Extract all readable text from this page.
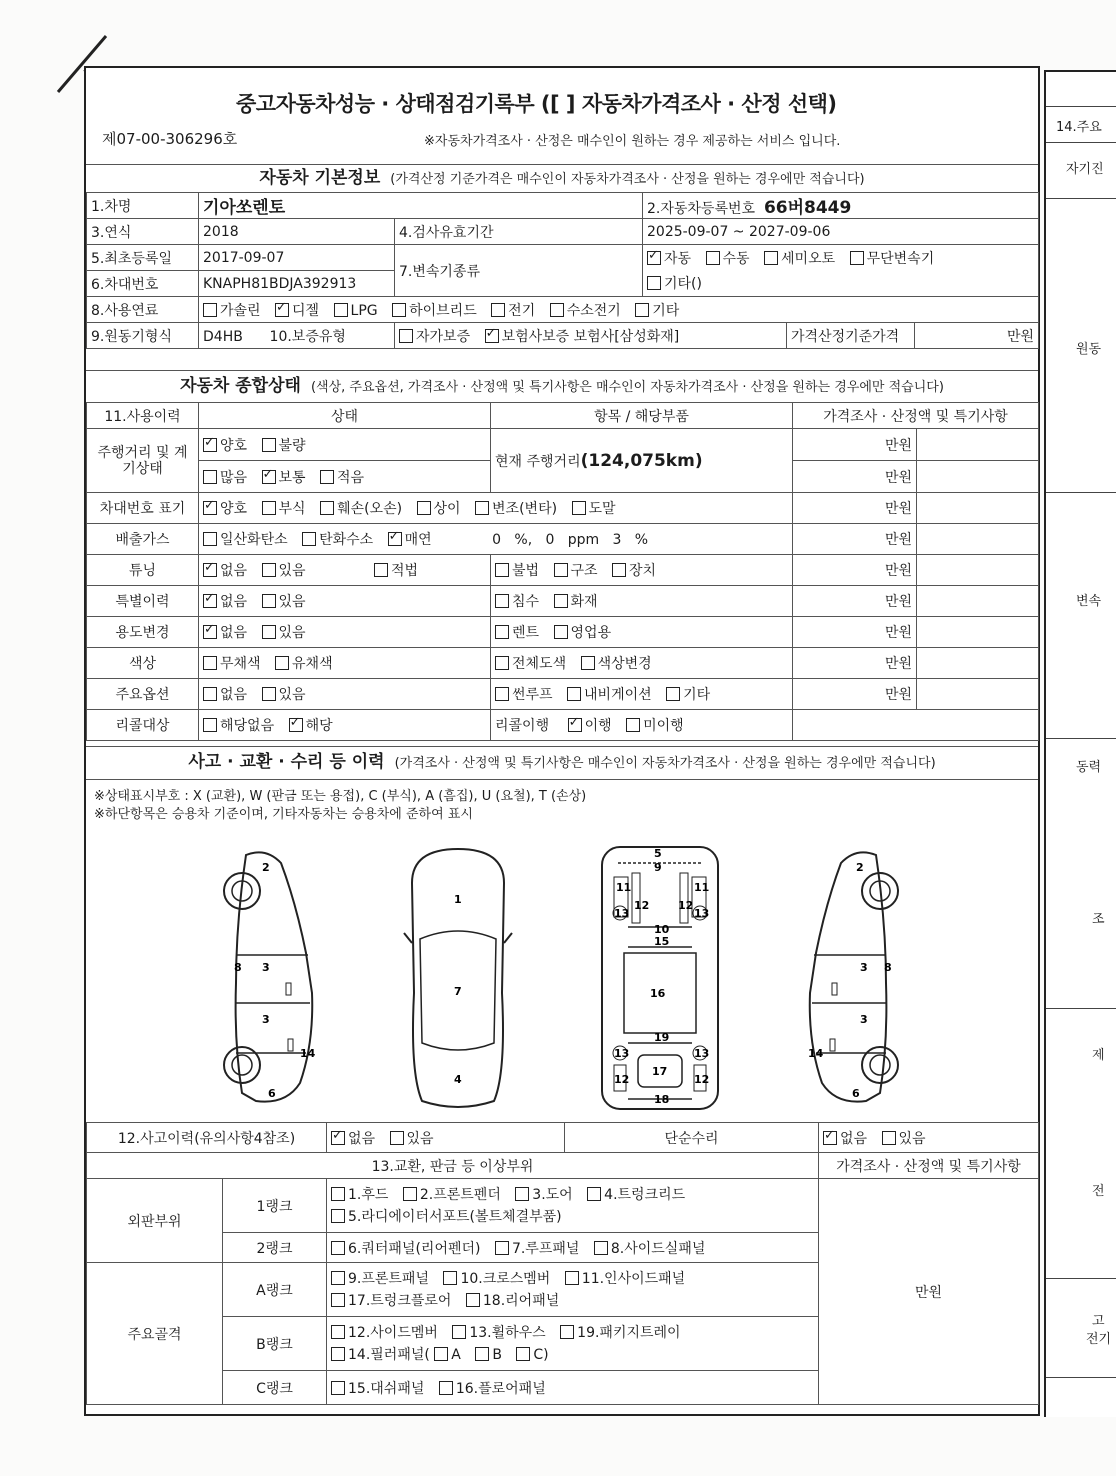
14.주요
자기진
원동
변속
동력
조
제
전
고
전기
중고자동차성능 · 상태점검기록부 ([ ] 자동차가격조사 · 산정 선택)
제07-00-306296호	※자동차가격조사 · 산정은 매수인이 원하는 경우 제공하는 서비스 입니다.
자동차 기본정보 (가격산정 기준가격은 매수인이 자동차가격조사 · 산정을 원하는 경우에만 적습니다)
1.차명	기아쏘렌토		2.자동차등록번호 66버8449		
3.연식	2018	4.검사유효기간	2025-09-07 ~ 2027-09-06		
5.최초등록일	2017-09-07	7.변속기종류	✓자동 수동 세미오토 무단변속기
6.차대번호	KNAPH81BDJA392913		기타()		
8.사용연료	가솔린 ✓ 디젤 LPG 하이브리드 전기 수소전기 기타
9.원동기형식	D4HB 10.보증유형	자가보증 ✓ 보험사보증 보험사[삼성화재]		가격산정기준가격	만원
자동차 종합상태 (색상, 주요옵션, 가격조사 · 산정액 및 특기사항은 매수인이 자동차가격조사 · 산정을 원하는 경우에만 적습니다)
11.사용이력	상태	항목 / 해당부품	가격조사 · 산정액 및 특기사항	
주행거리 및 계기상태	✓양호 불량	현재 주행거리(124,075km)	만원	
	많음 ✓ 보통 적음		만원	
차대번호 표기	✓양호 부식 훼손(오손) 상이 변조(변타) 도말		만원	
배출가스	일산화탄소 탄화수소 ✓ 매연 0   %,   0   ppm   3   %		만원	
튜닝	✓없음 있음 적법	불법 구조 장치	만원	
특별이력	✓없음 있음	침수 화재	만원	
용도변경	✓없음 있음	렌트 영업용	만원	
색상	무채색 유채색	전체도색 색상변경	만원	
주요옵션	없음 있음	썬루프 내비게이션 기타	만원	
리콜대상	해당없음 ✓ 해당	리콜이행 ✓ 이행 미이행	
사고 · 교환 · 수리 등 이력 (가격조사 · 산정액 및 특기사항은 매수인이 자동차가격조사 · 산정을 원하는 경우에만 적습니다)
※상태표시부호 : X (교환), W (판금 또는 용접), C (부식), A (흠집), U (요철), T (손상)
※하단항목은 승용차 기준이며, 기타자동차는 승용차에 준하여 표시
2
8 3
3
14
6
1
7
4
5
9
11	11
12	12
13	13
10
15
16
19
13	13
17
12	12
18
2
8
3
3
14
6
12.사고이력(유의사항4참조)	✓없음 있음	단순수리	✓없음 있음
13.교환, 판금 등 이상부위				가격조사 · 산정액 및 특기사항
외판부위	1랭크	1.후드 2.프론트펜더 3.도어 4.트렁크리드
5.라디에이터서포트(볼트체결부품)		만원
	2랭크	6.쿼터패널(리어펜더) 7.루프패널 8.사이드실패널		
주요골격	A랭크	9.프론트패널 10.크로스멤버 11.인사이드패널
17.트렁크플로어 18.리어패널		

	B랭크	12.사이드멤버 13.휠하우스 19.패키지트레이
14.필러패널( A B C)		

	C랭크	15.대쉬패널 16.플로어패널		
